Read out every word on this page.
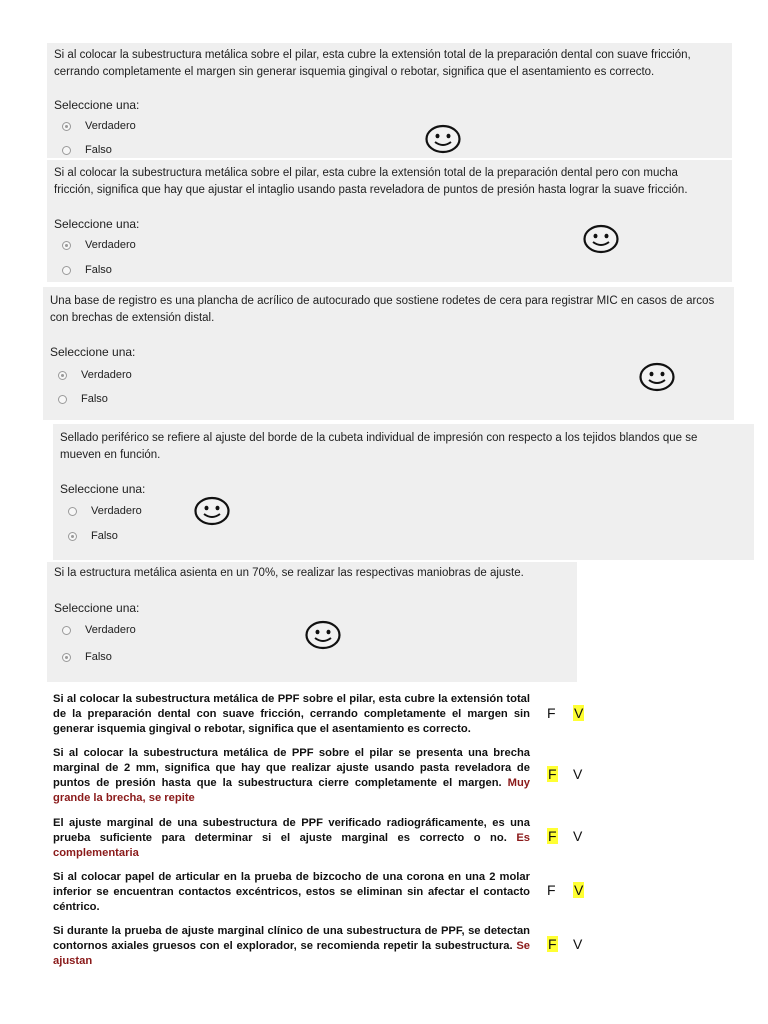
Si al colocar la subestructura metálica sobre el pilar, esta cubre la extensión total de la preparación dental con suave fricción, cerrando completamente el margen sin generar isquemia gingival o rebotar, significa que el asentamiento es correcto.
Seleccione una:
Verdadero
Falso
Si al colocar la subestructura metálica sobre el pilar, esta cubre la extensión total de la preparación dental pero con mucha fricción, significa que hay que ajustar el intaglio usando pasta reveladora de puntos de presión hasta lograr la suave fricción.
Seleccione una:
Verdadero
Falso
Una base de registro es una plancha de acrílico de autocurado que sostiene rodetes de cera para registrar MIC en casos de arcos con brechas de extensión distal.
Seleccione una:
Verdadero
Falso
Sellado periférico se refiere al ajuste del borde de la cubeta individual de impresión con respecto a los tejidos blandos que se mueven en función.
Seleccione una:
Verdadero
Falso
Si la estructura metálica asienta en un 70%, se realizar las respectivas maniobras de ajuste.
Seleccione una:
Verdadero
Falso
Si al colocar la subestructura metálica de PPF sobre el pilar, esta cubre la extensión total de la preparación dental con suave fricción, cerrando completamente el margen sin generar isquemia gingival o rebotar, significa que el asentamiento es correcto.
F V
Si al colocar la subestructura metálica de PPF sobre el pilar se presenta una brecha marginal de 2 mm, significa que hay que realizar ajuste usando pasta reveladora de puntos de presión hasta que la subestructura cierre completamente el margen. Muy grande la brecha, se repite
F V
El ajuste marginal de una subestructura de PPF verificado radiográficamente, es una prueba suficiente para determinar si el ajuste marginal es correcto o no. Es complementaria
F V
Si al colocar papel de articular en la prueba de bizcocho de una corona en una 2 molar inferior se encuentran contactos excéntricos, estos se eliminan sin afectar el contacto céntrico.
F V
Si durante la prueba de ajuste marginal clínico de una subestructura de PPF, se detectan contornos axiales gruesos con el explorador, se recomienda repetir la subestructura. Se ajustan
F V
